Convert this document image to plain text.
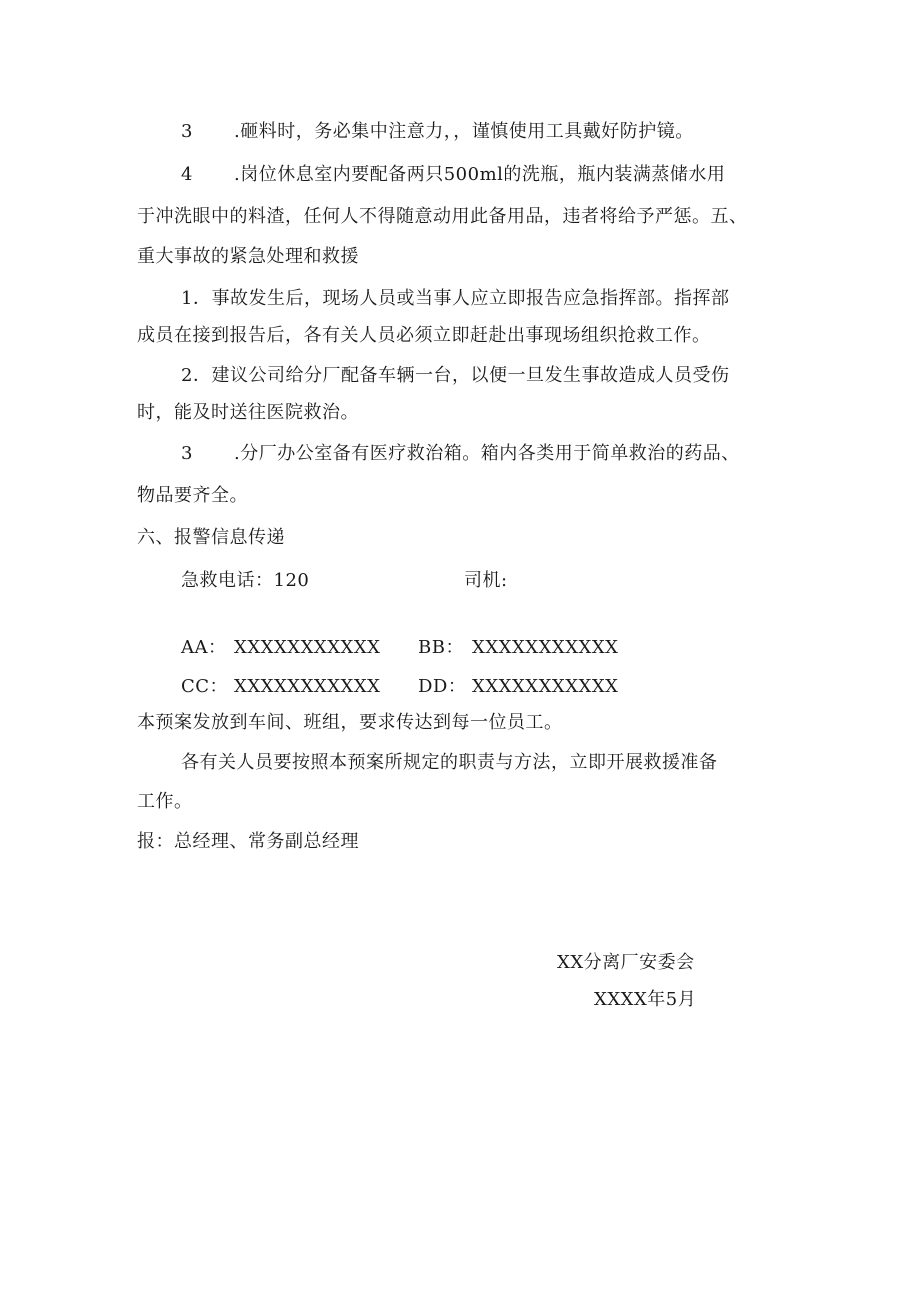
3 .砸料时，务必集中注意力，，谨慎使用工具戴好防护镜。
4 .岗位休息室内要配备两只500ml的洗瓶，瓶内装满蒸储水用
于冲洗眼中的料渣，任何人不得随意动用此备用品，违者将给予严惩。五、
重大事故的紧急处理和救援
1．事故发生后，现场人员或当事人应立即报告应急指挥部。指挥部
成员在接到报告后，各有关人员必须立即赶赴出事现场组织抢救工作。
2．建议公司给分厂配备车辆一台，以便一旦发生事故造成人员受伤
时，能及时送往医院救治。
3 .分厂办公室备有医疗救治箱。箱内各类用于简单救治的药品、
物品要齐全。
六、报警信息传递
急救电话：120	司机:
AA： XXXXXXXXXXX BB： XXXXXXXXXXX
CC： XXXXXXXXXXX DD： XXXXXXXXXXX
本预案发放到车间、班组，要求传达到每一位员工。
各有关人员要按照本预案所规定的职责与方法，立即开展救援准备
工作。
报：总经理、常务副总经理
XX分离厂安委会
XXXX年5月
